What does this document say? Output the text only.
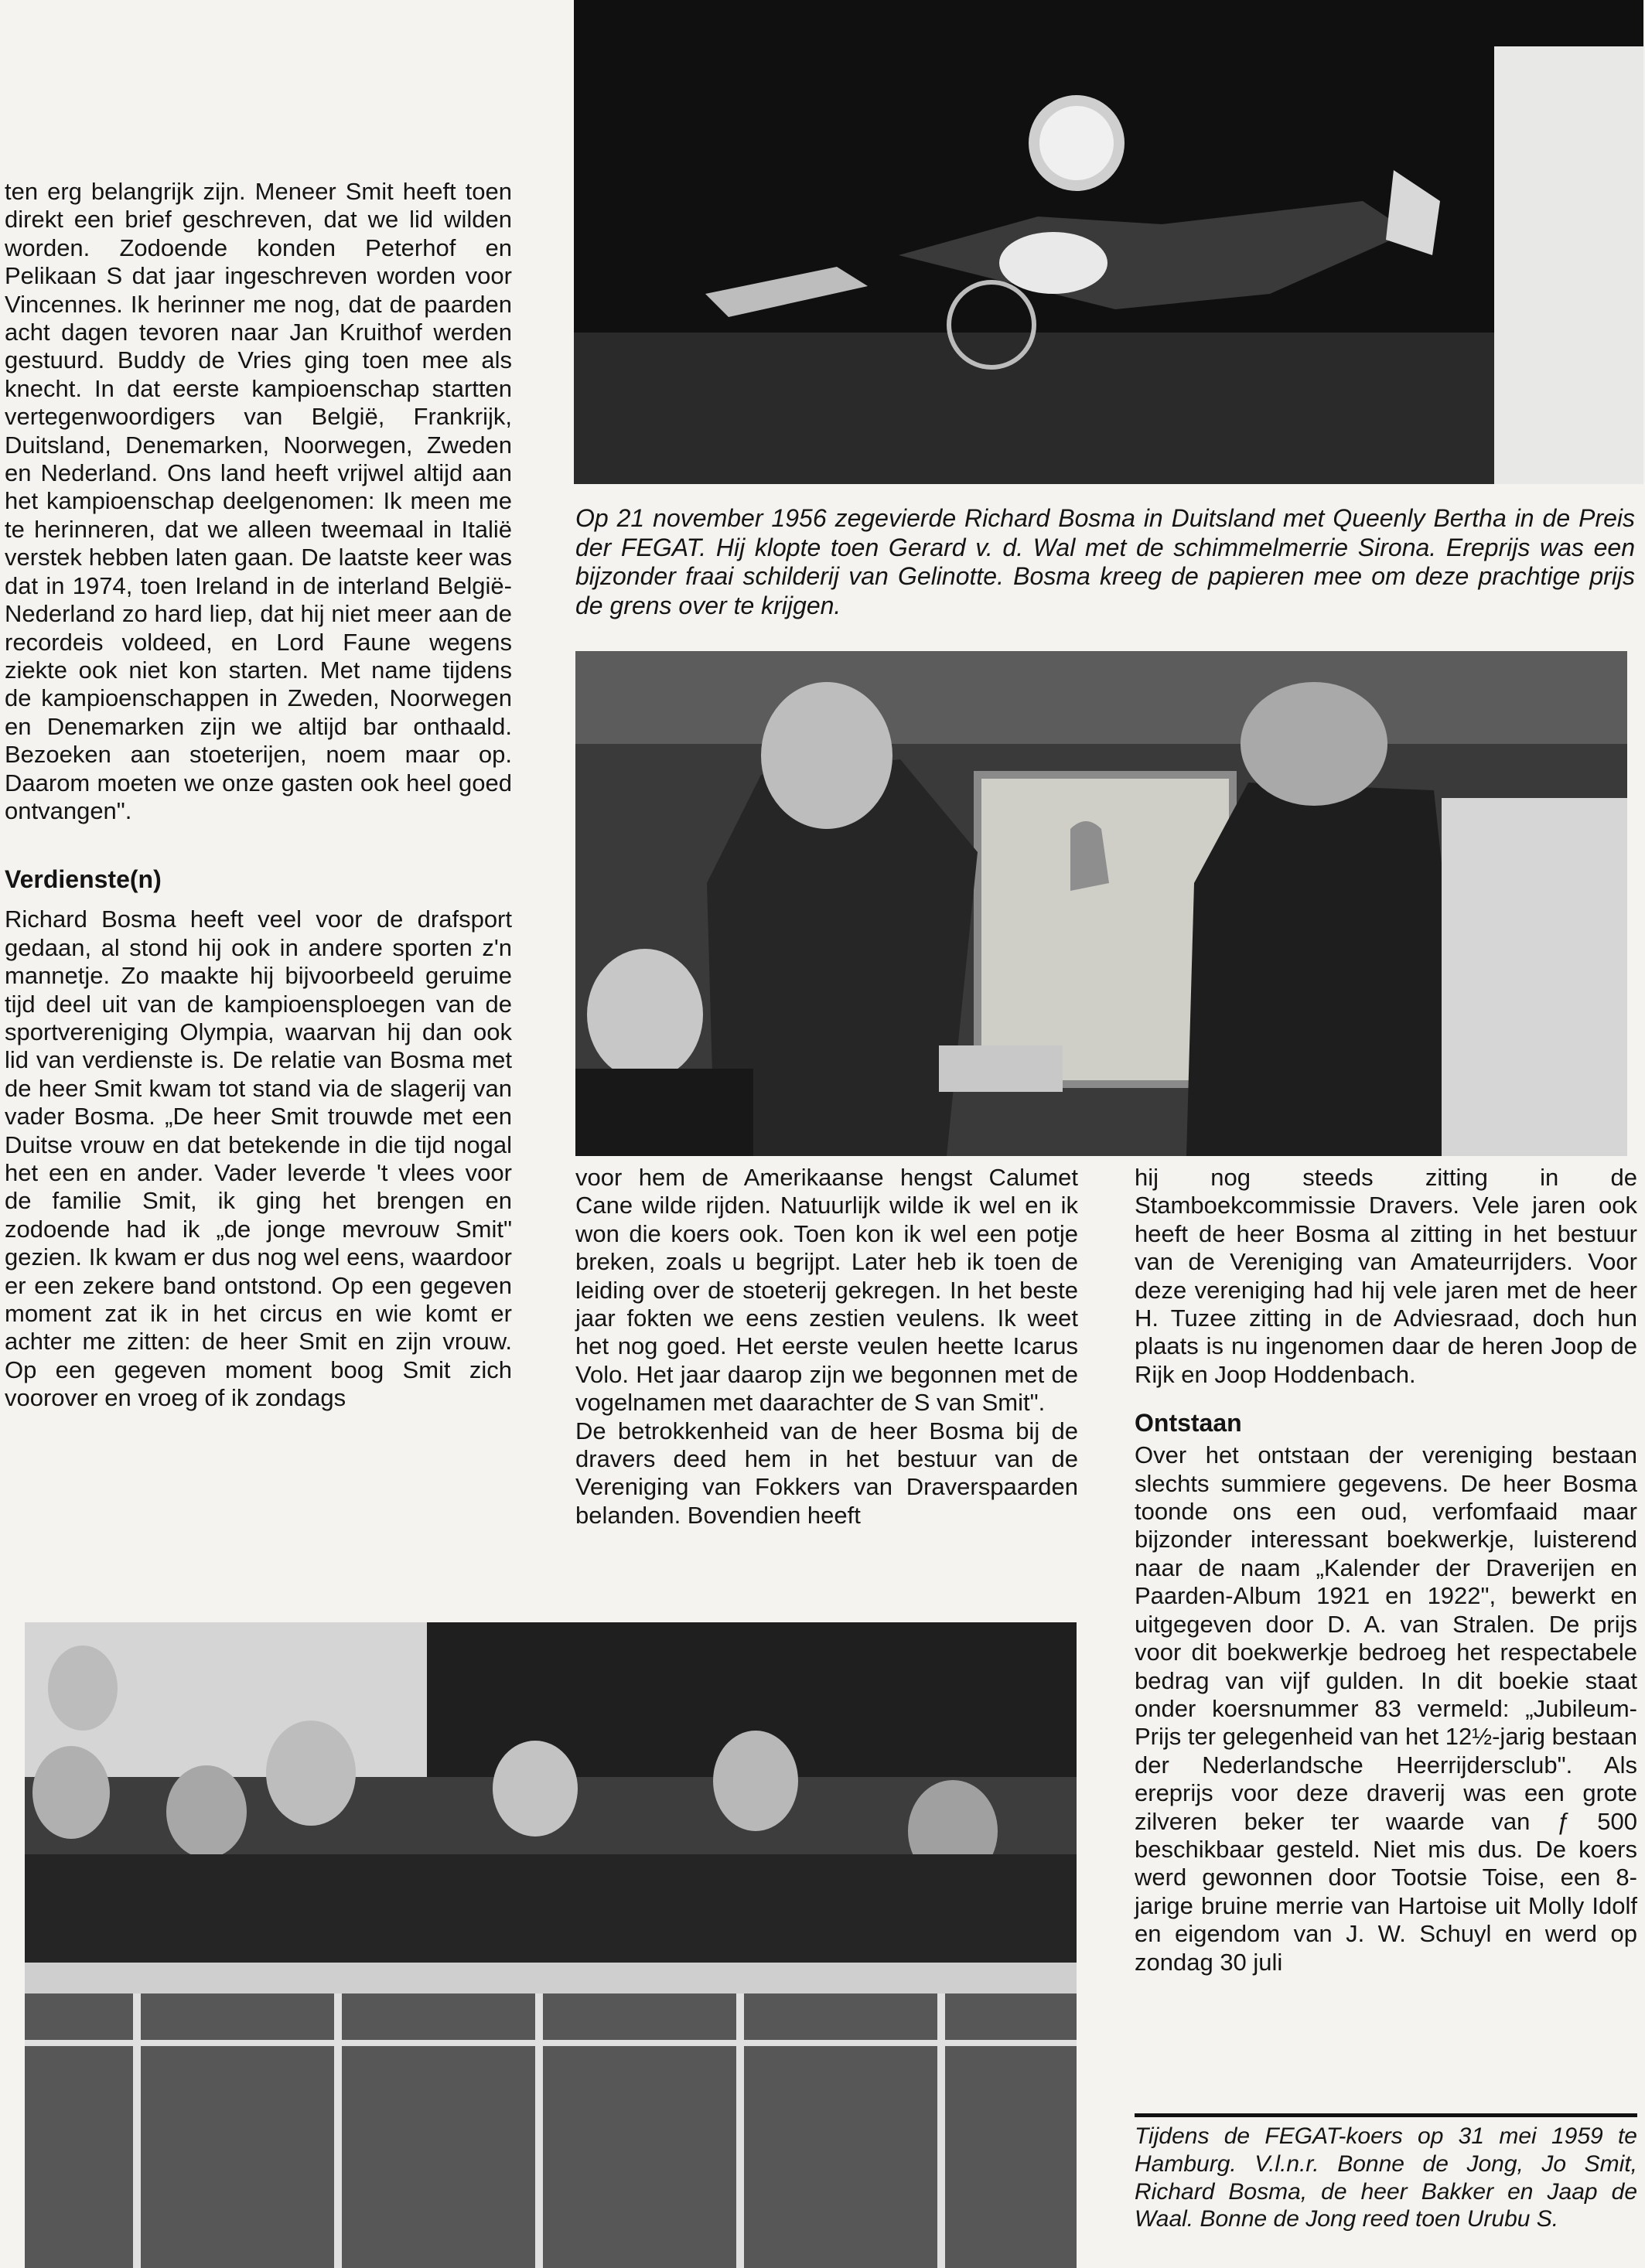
ten erg belangrijk zijn. Meneer Smit heeft toen direkt een brief geschreven, dat we lid wilden worden. Zodoende konden Peterhof en Pelikaan S dat jaar ingeschreven worden voor Vincennes. Ik herinner me nog, dat de paarden acht dagen tevoren naar Jan Kruithof werden gestuurd. Buddy de Vries ging toen mee als knecht. In dat eerste kampioenschap startten vertegenwoordigers van België, Frankrijk, Duitsland, Denemarken, Noorwegen, Zweden en Nederland. Ons land heeft vrijwel altijd aan het kampioenschap deelgenomen: Ik meen me te herinneren, dat we alleen tweemaal in Italië verstek hebben laten gaan. De laatste keer was dat in 1974, toen Ireland in de interland België-Nederland zo hard liep, dat hij niet meer aan de recordeis voldeed, en Lord Faune wegens ziekte ook niet kon starten. Met name tijdens de kampioenschappen in Zweden, Noorwegen en Denemarken zijn we altijd bar onthaald. Bezoeken aan stoeterijen, noem maar op. Daarom moeten we onze gasten ook heel goed ontvangen".

Verdienste(n)

Richard Bosma heeft veel voor de drafsport gedaan, al stond hij ook in andere sporten z'n mannetje. Zo maakte hij bijvoorbeeld geruime tijd deel uit van de kampioensploegen van de sportvereniging Olympia, waarvan hij dan ook lid van verdienste is. De relatie van Bosma met de heer Smit kwam tot stand via de slagerij van vader Bosma. „De heer Smit trouwde met een Duitse vrouw en dat betekende in die tijd nogal het een en ander. Vader leverde 't vlees voor de familie Smit, ik ging het brengen en zodoende had ik „de jonge mevrouw Smit" gezien. Ik kwam er dus nog wel eens, waardoor er een zekere band ontstond. Op een gegeven moment zat ik in het circus en wie komt er achter me zitten: de heer Smit en zijn vrouw. Op een gegeven moment boog Smit zich voorover en vroeg of ik zondags

Op 21 november 1956 zegevierde Richard Bosma in Duitsland met Queenly Bertha in de Preis der FEGAT. Hij klopte toen Gerard v. d. Wal met de schimmelmerrie Sirona. Ereprijs was een bijzonder fraai schilderij van Gelinotte. Bosma kreeg de papieren mee om deze prachtige prijs de grens over te krijgen.

voor hem de Amerikaanse hengst Calumet Cane wilde rijden. Natuurlijk wilde ik wel en ik won die koers ook. Toen kon ik wel een potje breken, zoals u begrijpt. Later heb ik toen de leiding over de stoeterij gekregen. In het beste jaar fokten we eens zestien veulens. Ik weet het nog goed. Het eerste veulen heette Icarus Volo. Het jaar daarop zijn we begonnen met de vogelnamen met daarachter de S van Smit".

De betrokkenheid van de heer Bosma bij de dravers deed hem in het bestuur van de Vereniging van Fokkers van Draverspaarden belanden. Bovendien heeft

hij nog steeds zitting in de Stamboekcommissie Dravers. Vele jaren ook heeft de heer Bosma al zitting in het bestuur van de Vereniging van Amateurrijders. Voor deze vereniging had hij vele jaren met de heer H. Tuzee zitting in de Adviesraad, doch hun plaats is nu ingenomen daar de heren Joop de Rijk en Joop Hoddenbach.

Ontstaan

Over het ontstaan der vereniging bestaan slechts summiere gegevens. De heer Bosma toonde ons een oud, verfomfaaid maar bijzonder interessant boekwerkje, luisterend naar de naam „Kalender der Draverijen en Paarden-Album 1921 en 1922", bewerkt en uitgegeven door D. A. van Stralen. De prijs voor dit boekwerkje bedroeg het respectabele bedrag van vijf gulden. In dit boekie staat onder koersnummer 83 vermeld: „Jubileum-Prijs ter gelegenheid van het 12½-jarig bestaan der Nederlandsche Heerrijdersclub". Als ereprijs voor deze draverij was een grote zilveren beker ter waarde van ƒ 500 beschikbaar gesteld. Niet mis dus. De koers werd gewonnen door Tootsie Toise, een 8-jarige bruine merrie van Hartoise uit Molly Idolf en eigendom van J. W. Schuyl en werd op zondag 30 juli

Tijdens de FEGAT-koers op 31 mei 1959 te Hamburg. V.l.n.r. Bonne de Jong, Jo Smit, Richard Bosma, de heer Bakker en Jaap de Waal. Bonne de Jong reed toen Urubu S.
